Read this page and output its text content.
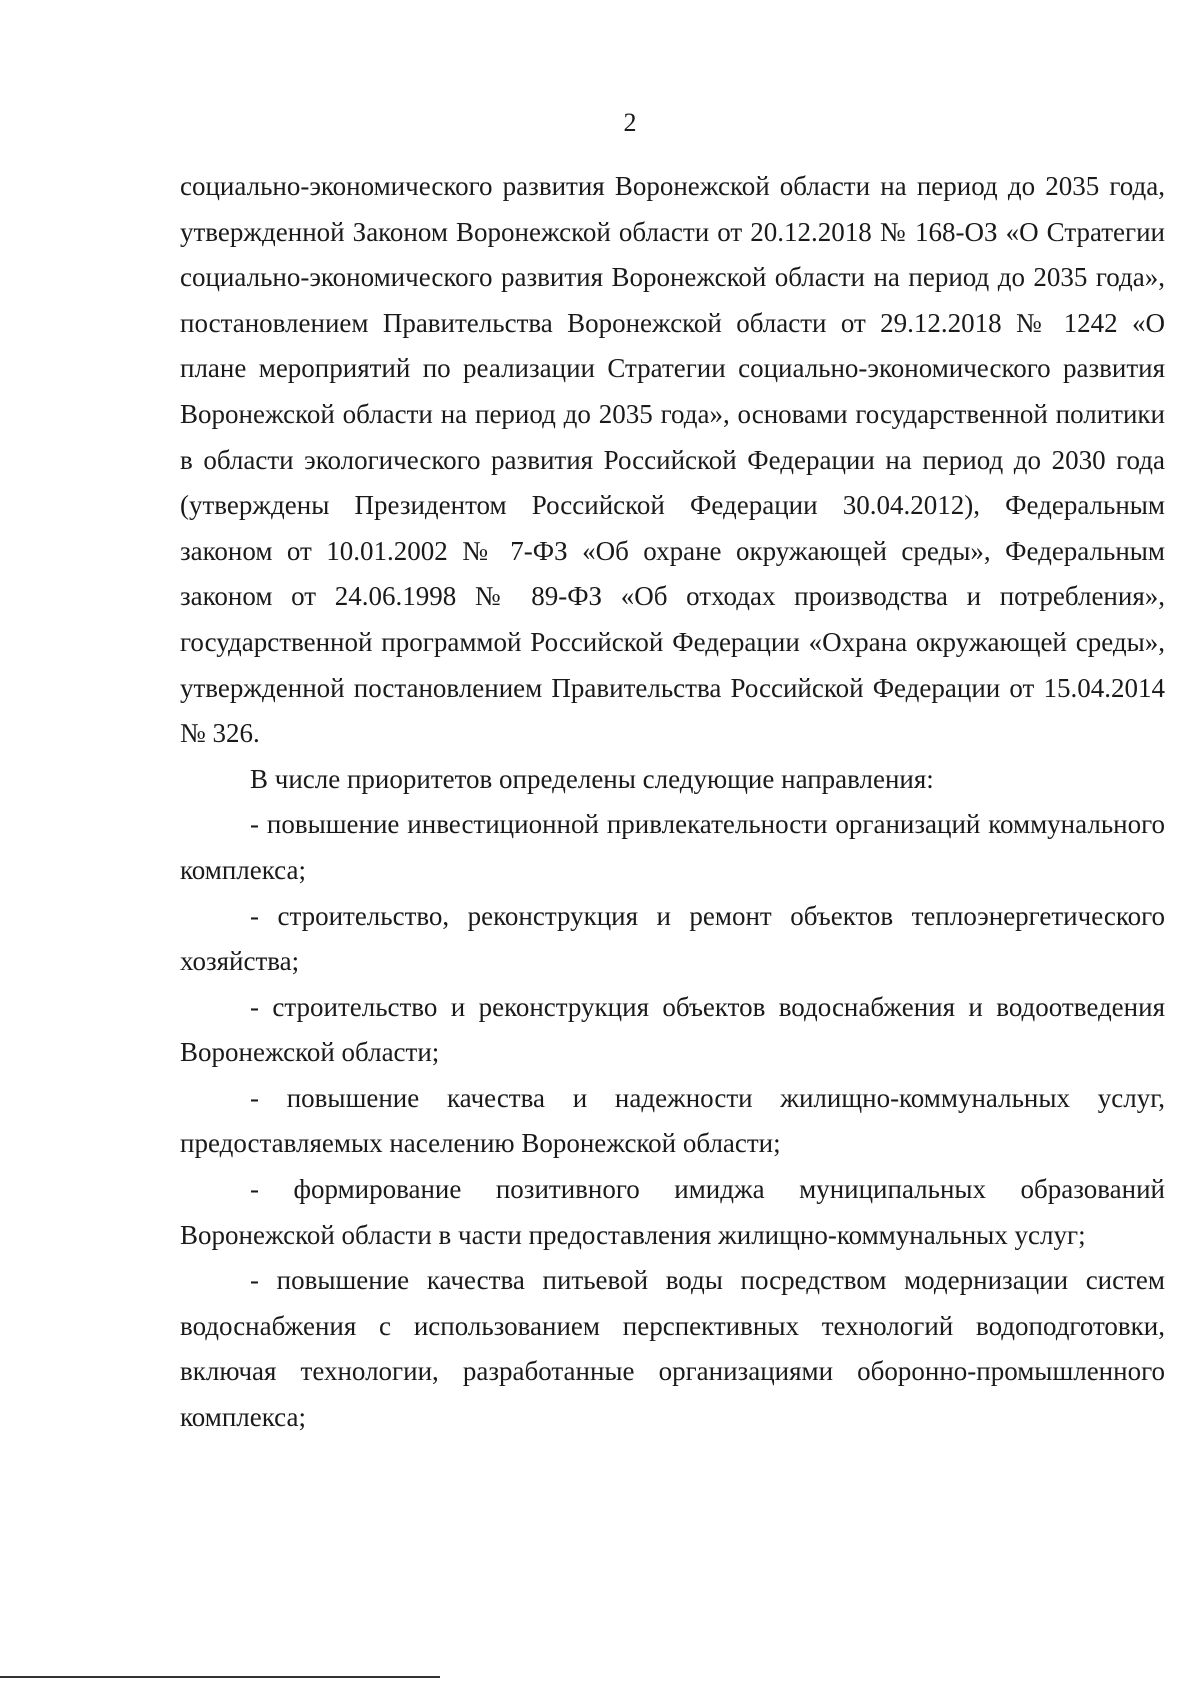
2

социально-экономического развития Воронежской области на период до 2035 года, утвержденной Законом Воронежской области от 20.12.2018 № 168-ОЗ «О Стратегии социально-экономического развития Воронежской области на период до 2035 года», постановлением Правительства Воронежской области от 29.12.2018 № 1242 «О плане мероприятий по реализации Стратегии социально-экономического развития Воронежской области на период до 2035 года», основами государственной политики в области экологического развития Российской Федерации на период до 2030 года (утверждены Президентом Российской Федерации 30.04.2012), Федеральным законом от 10.01.2002 № 7-ФЗ «Об охране окружающей среды», Федеральным законом от 24.06.1998 № 89-ФЗ «Об отходах производства и потребления», государственной программой Российской Федерации «Охрана окружающей среды», утвержденной постановлением Правительства Российской Федерации от 15.04.2014 № 326.

В числе приоритетов определены следующие направления:

- повышение инвестиционной привлекательности организаций коммунального комплекса;

- строительство, реконструкция и ремонт объектов теплоэнергетического хозяйства;

- строительство и реконструкция объектов водоснабжения и водоотведения Воронежской области;

- повышение качества и надежности жилищно-коммунальных услуг, предоставляемых населению Воронежской области;

- формирование позитивного имиджа муниципальных образований Воронежской области в части предоставления жилищно-коммунальных услуг;

- повышение качества питьевой воды посредством модернизации систем водоснабжения с использованием перспективных технологий водоподготовки, включая технологии, разработанные организациями оборонно-промышленного комплекса;
